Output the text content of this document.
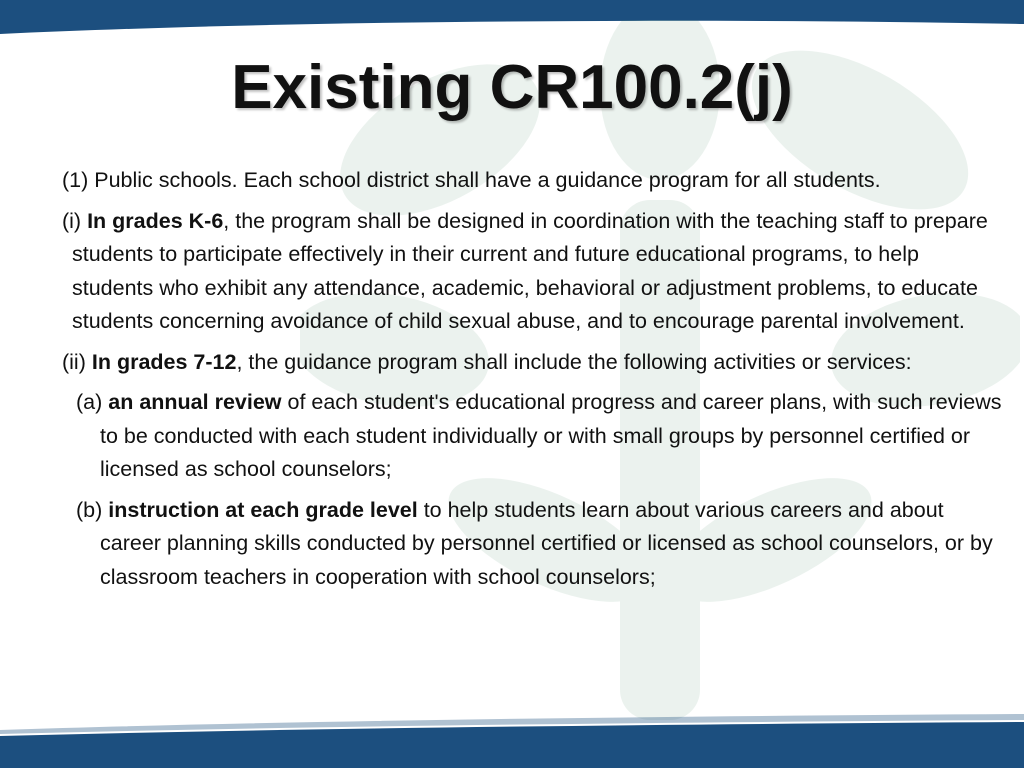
Existing CR100.2(j)

(1) Public schools. Each school district shall have a guidance program for all students.

(i) In grades K-6, the program shall be designed in coordination with the teaching staff to prepare students to participate effectively in their current and future educational programs, to help students who exhibit any attendance, academic, behavioral or adjustment problems, to educate students concerning avoidance of child sexual abuse, and to encourage parental involvement.

(ii) In grades 7-12, the guidance program shall include the following activities or services:

(a) an annual review of each student's educational progress and career plans, with such reviews to be conducted with each student individually or with small groups by personnel certified or licensed as school counselors;

(b) instruction at each grade level to help students learn about various careers and about career planning skills conducted by personnel certified or licensed as school counselors, or by classroom teachers in cooperation with school counselors;
